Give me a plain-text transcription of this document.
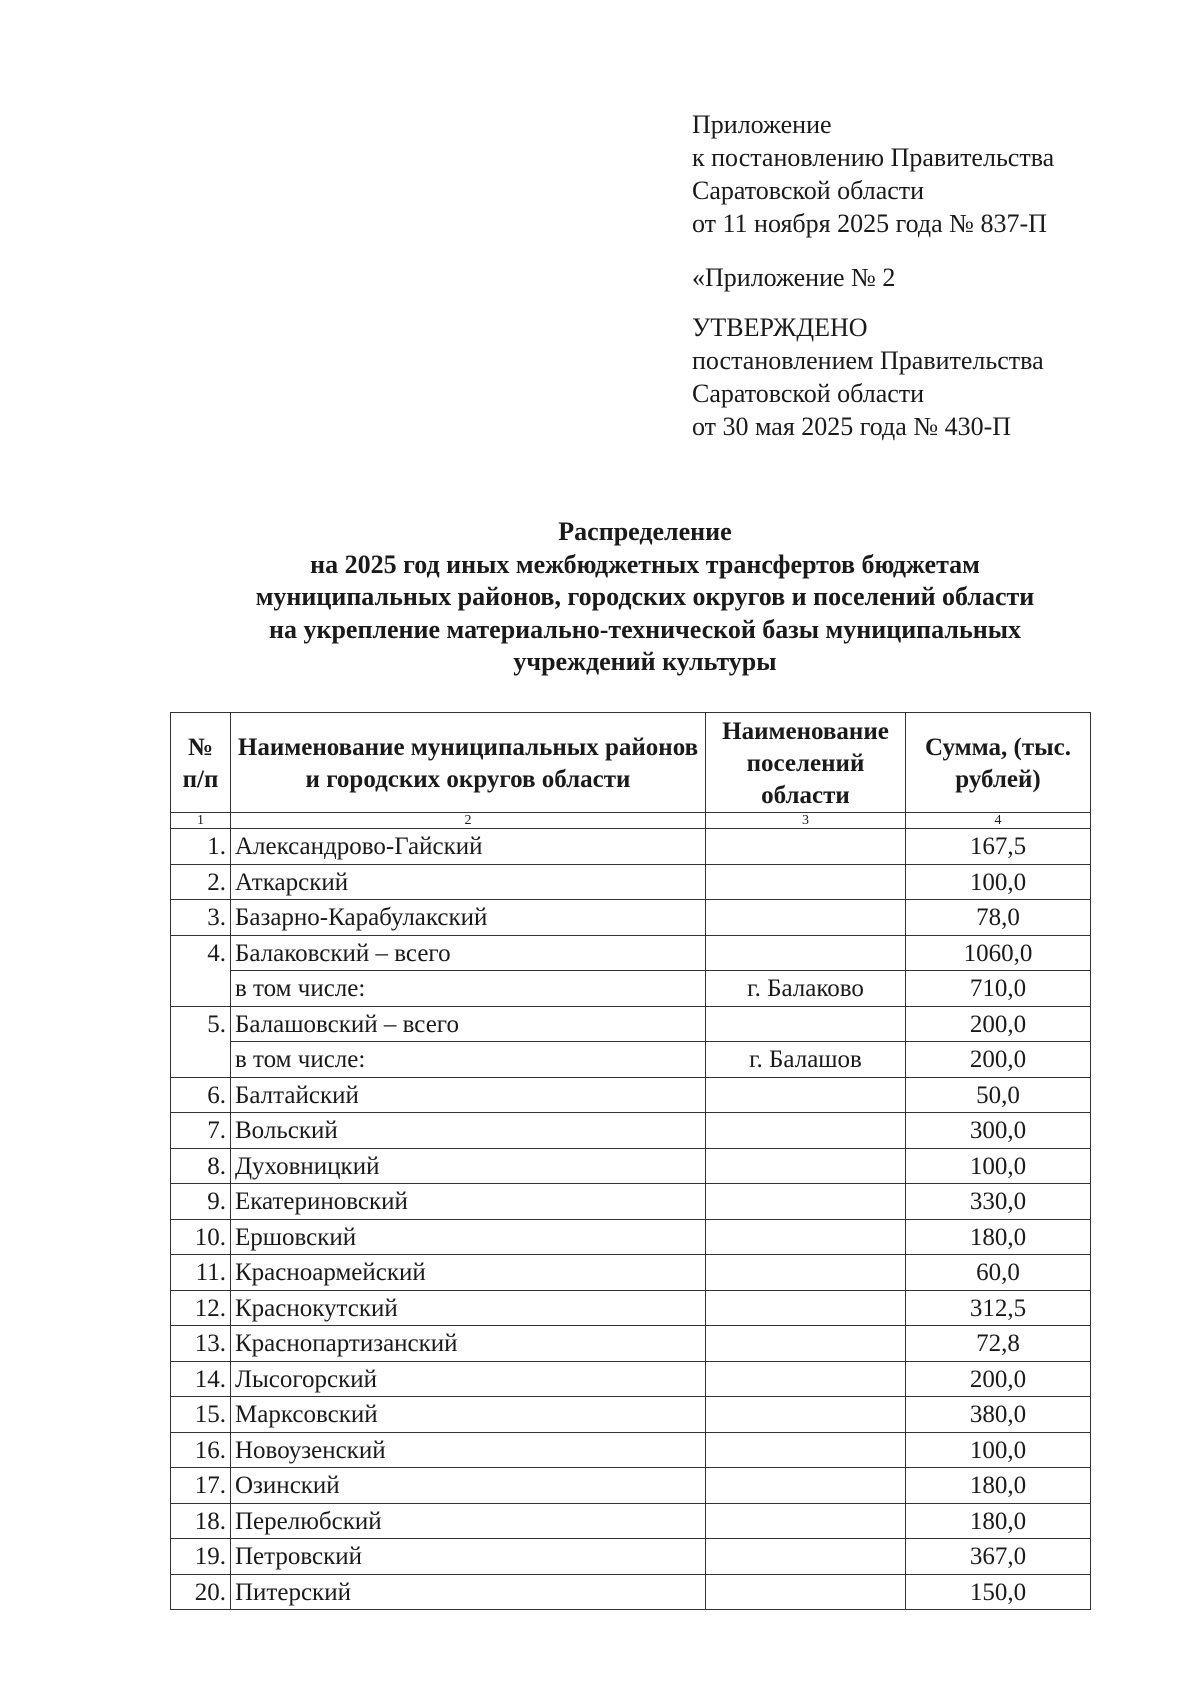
Приложение
к постановлению Правительства
Саратовской области
от 11 ноября 2025 года № 837-П
«Приложение № 2
УТВЕРЖДЕНО
постановлением Правительства
Саратовской области
от 30 мая 2025 года № 430-П
Распределение
на 2025 год иных межбюджетных трансфертов бюджетам
муниципальных районов, городских округов и поселений области
на укрепление материально-технической базы муниципальных
учреждений культуры
№ п/п	Наименование муниципальных районов и городских округов области	Наименование поселений области	Сумма, (тыс. рублей)
1	2	3	4
1.	Александрово-Гайский		167,5
2.	Аткарский		100,0
3.	Базарно-Карабулакский		78,0
4.	Балаковский – всего		1060,0
	в том числе:	г. Балаково	710,0
5.	Балашовский – всего		200,0
	в том числе:	г. Балашов	200,0
6.	Балтайский		50,0
7.	Вольский		300,0
8.	Духовницкий		100,0
9.	Екатериновский		330,0
10.	Ершовский		180,0
11.	Красноармейский		60,0
12.	Краснокутский		312,5
13.	Краснопартизанский		72,8
14.	Лысогорский		200,0
15.	Марксовский		380,0
16.	Новоузенский		100,0
17.	Озинский		180,0
18.	Перелюбский		180,0
19.	Петровский		367,0
20.	Питерский		150,0
